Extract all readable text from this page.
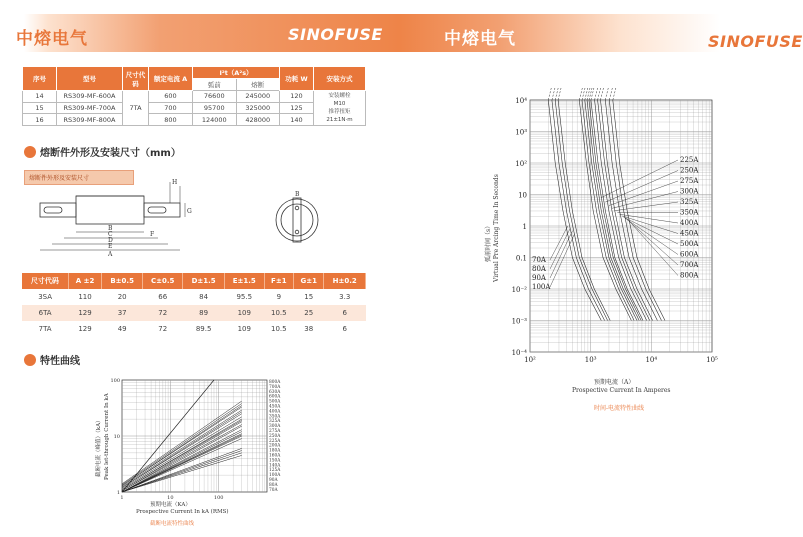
中熔电气	SINOFUSE	中熔电气	SINOFUSE
序号	型号	尺寸代码	额定电流 A	I²t（A²s）		功耗 W	安装方式
				弧前	熔断		
14	RS309-MF-600A	7TA	600	76600	245000	120	安装螺栓
M10
推荐扭矩
21±1N·m

15	RS309-MF-700A		700	95700	325000	125	
16	RS309-MF-800A		800	124000	428000	140	
熔断件外形及安装尺寸（mm）
熔断件外形及安装尺寸
H
G
B
F
C
D
E
A
B
尺寸代码	A ±2	B±0.5	C±0.5	D±1.5	E±1.5	F±1	G±1	H±0.2
3SA	110	20	66	84	95.5	9	15	3.3
6TA	129	37	72	89	109	10.5	25	6
7TA	129	49	72	89.5	109	10.5	38	6
特性曲线
800A
700A
630A
600A
500A
450A
400A
350A
325A
300A
275A
250A
225A
200A
180A
160A
150A
140A
125A
100A
90A
80A
70A
1	10	100
1
10
100
预期电流（KA）
Prospective Current In kA (RMS)
截断电流特性曲线
截断电流（峰值）（kA） Peak let-through Current In kA
225A
250A
275A
300A
325A
350A
400A
450A
500A
600A
700A
800A
70A
80A
90A
100A
10²	10³	10⁴	10⁵
10⁴
10³
10²
10
1
0.1
10⁻²
10⁻³
10⁻⁴
预期电流（A）
Prospective Current In Amperes
时间-电流特性曲线
弧前时间（s） Virtual Pre Arcing Time In Seconds
